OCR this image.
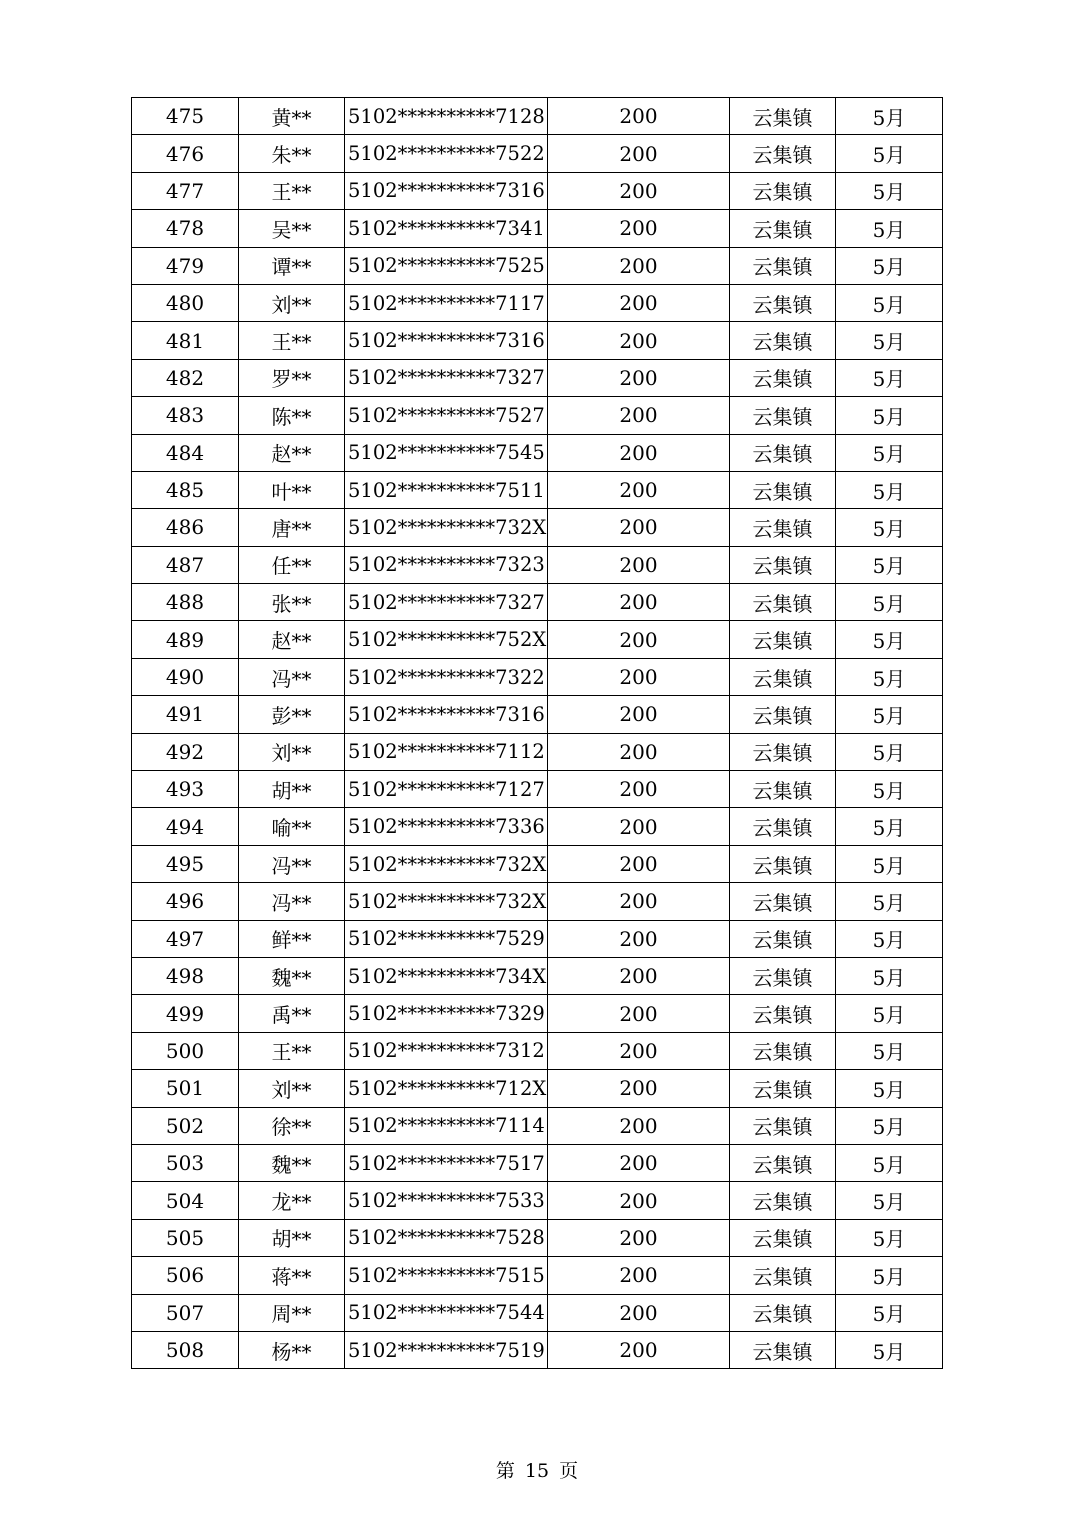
475	黄**	5102**********7128	200	云集镇	5月
476	朱**	5102**********7522	200	云集镇	5月
477	王**	5102**********7316	200	云集镇	5月
478	吴**	5102**********7341	200	云集镇	5月
479	谭**	5102**********7525	200	云集镇	5月
480	刘**	5102**********7117	200	云集镇	5月
481	王**	5102**********7316	200	云集镇	5月
482	罗**	5102**********7327	200	云集镇	5月
483	陈**	5102**********7527	200	云集镇	5月
484	赵**	5102**********7545	200	云集镇	5月
485	叶**	5102**********7511	200	云集镇	5月
486	唐**	5102**********732X	200	云集镇	5月
487	任**	5102**********7323	200	云集镇	5月
488	张**	5102**********7327	200	云集镇	5月
489	赵**	5102**********752X	200	云集镇	5月
490	冯**	5102**********7322	200	云集镇	5月
491	彭**	5102**********7316	200	云集镇	5月
492	刘**	5102**********7112	200	云集镇	5月
493	胡**	5102**********7127	200	云集镇	5月
494	喻**	5102**********7336	200	云集镇	5月
495	冯**	5102**********732X	200	云集镇	5月
496	冯**	5102**********732X	200	云集镇	5月
497	鲜**	5102**********7529	200	云集镇	5月
498	魏**	5102**********734X	200	云集镇	5月
499	禹**	5102**********7329	200	云集镇	5月
500	王**	5102**********7312	200	云集镇	5月
501	刘**	5102**********712X	200	云集镇	5月
502	徐**	5102**********7114	200	云集镇	5月
503	魏**	5102**********7517	200	云集镇	5月
504	龙**	5102**********7533	200	云集镇	5月
505	胡**	5102**********7528	200	云集镇	5月
506	蒋**	5102**********7515	200	云集镇	5月
507	周**	5102**********7544	200	云集镇	5月
508	杨**	5102**********7519	200	云集镇	5月
第 15 页
